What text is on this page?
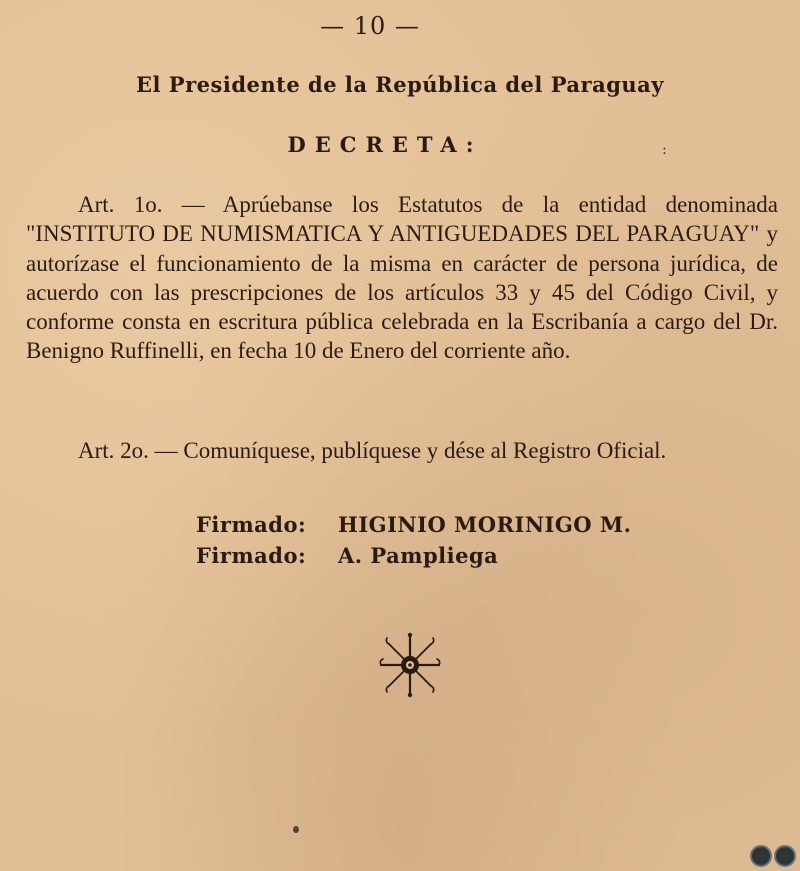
— 10 —
El Presidente de la República del Paraguay
DECRETA:	:

Art. 1o. — Aprúebanse los Estatutos de la entidad denominada "INSTITUTO DE NUMISMATICA Y ANTIGUEDADES DEL PARAGUAY" y autorízase el funcionamiento de la misma en carácter de persona jurídica, de acuerdo con las prescripciones de los artículos 33 y 45 del Código Civil, y conforme consta en escritura pública celebrada en la Escribanía a cargo del Dr. Benigno Ruffinelli, en fecha 10 de Enero del corriente año.

Art. 2o. — Comuníquese, publíquese y dése al Registro Oficial.

Firmado:	HIGINIO MORINIGO M.
Firmado:	A. Pampliega
